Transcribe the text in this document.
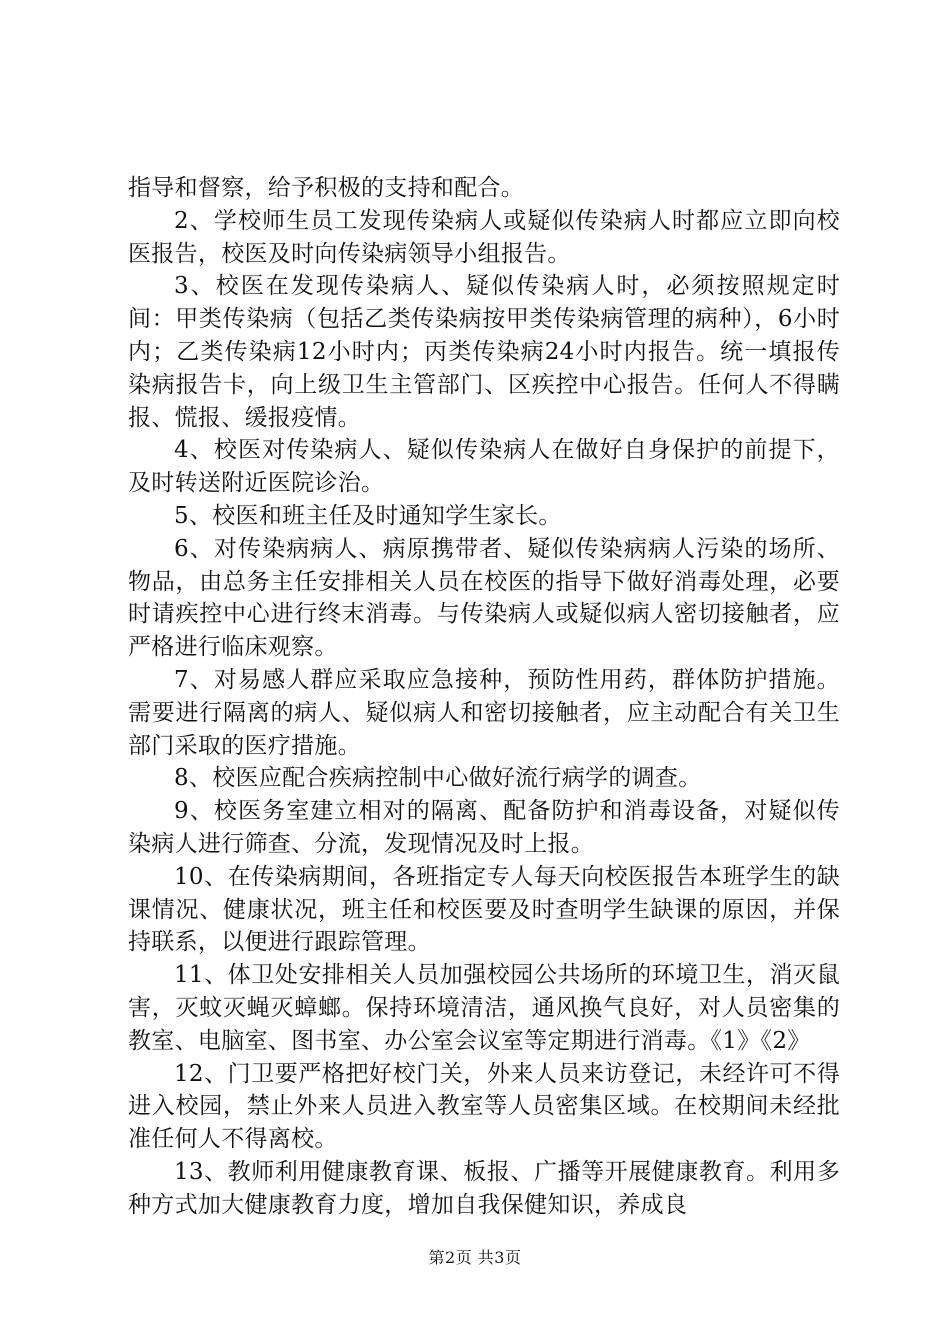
指导和督察，给予积极的支持和配合。

2、学校师生员工发现传染病人或疑似传染病人时都应立即向校医报告，校医及时向传染病领导小组报告。

3、校医在发现传染病人、疑似传染病人时，必须按照规定时间：甲类传染病（包括乙类传染病按甲类传染病管理的病种），6小时内；乙类传染病12小时内；丙类传染病24小时内报告。统一填报传染病报告卡，向上级卫生主管部门、区疾控中心报告。任何人不得瞒报、慌报、缓报疫情。

4、校医对传染病人、疑似传染病人在做好自身保护的前提下，及时转送附近医院诊治。

5、校医和班主任及时通知学生家长。

6、对传染病病人、病原携带者、疑似传染病病人污染的场所、物品，由总务主任安排相关人员在校医的指导下做好消毒处理，必要时请疾控中心进行终末消毒。与传染病人或疑似病人密切接触者，应严格进行临床观察。

7、对易感人群应采取应急接种，预防性用药，群体防护措施。需要进行隔离的病人、疑似病人和密切接触者，应主动配合有关卫生部门采取的医疗措施。

8、校医应配合疾病控制中心做好流行病学的调查。

9、校医务室建立相对的隔离、配备防护和消毒设备，对疑似传染病人进行筛查、分流，发现情况及时上报。

10、在传染病期间，各班指定专人每天向校医报告本班学生的缺课情况、健康状况，班主任和校医要及时查明学生缺课的原因，并保持联系，以便进行跟踪管理。

11、体卫处安排相关人员加强校园公共场所的环境卫生，消灭鼠害，灭蚊灭蝇灭蟑螂。保持环境清洁，通风换气良好，对人员密集的教室、电脑室、图书室、办公室会议室等定期进行消毒。《1》《2》

12、门卫要严格把好校门关，外来人员来访登记，未经许可不得进入校园，禁止外来人员进入教室等人员密集区域。在校期间未经批准任何人不得离校。

13、教师利用健康教育课、板报、广播等开展健康教育。利用多种方式加大健康教育力度，增加自我保健知识，养成良

第2页 共3页
